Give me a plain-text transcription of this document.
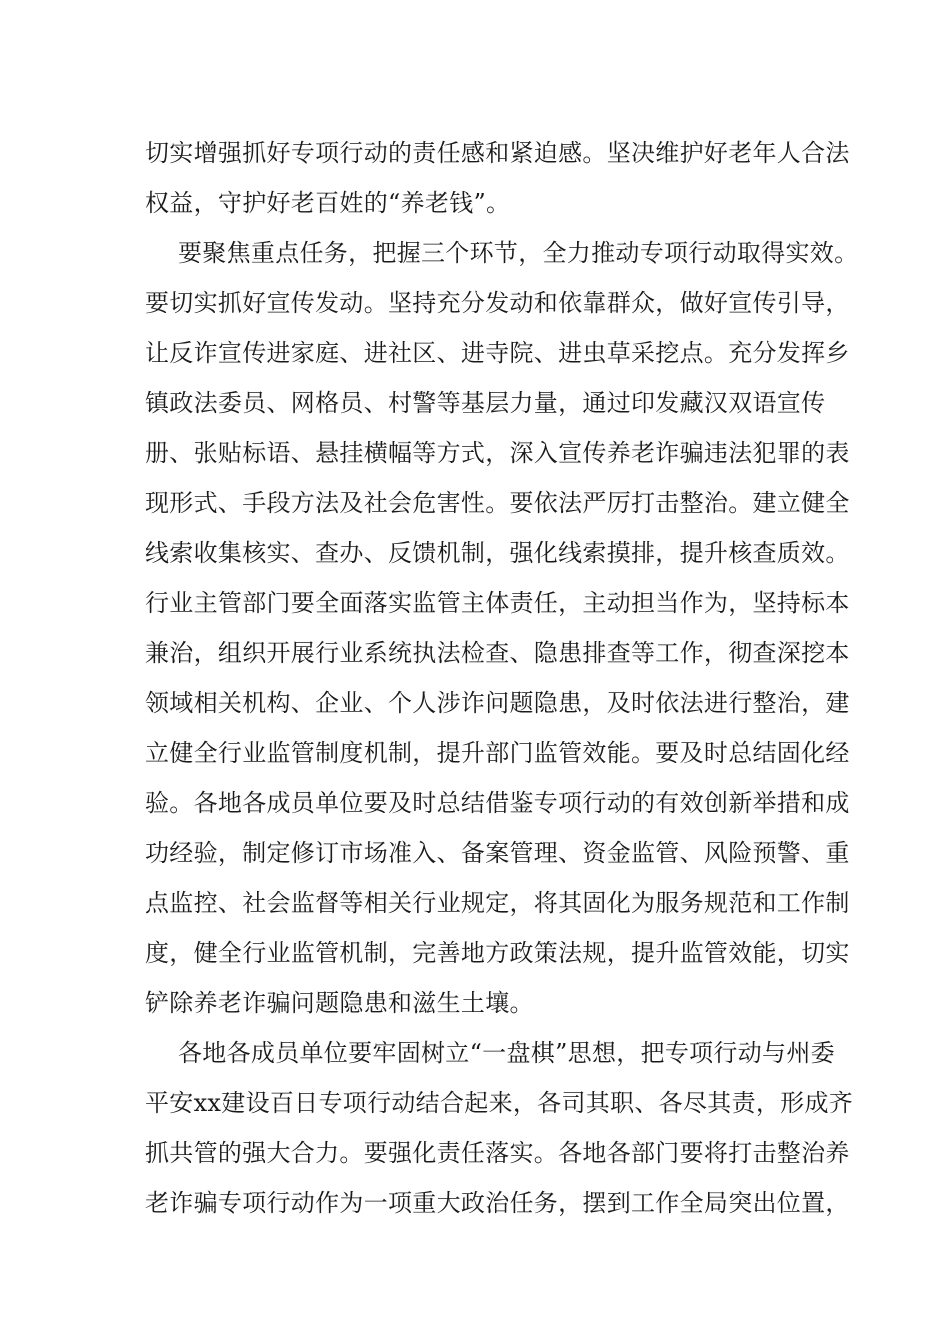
切实增强抓好专项行动的责任感和紧迫感。坚决维护好老年人合法
权益，守护好老百姓的“养老钱”。
要聚焦重点任务，把握三个环节，全力推动专项行动取得实效。
要切实抓好宣传发动。坚持充分发动和依靠群众，做好宣传引导，
让反诈宣传进家庭、进社区、进寺院、进虫草采挖点。充分发挥乡
镇政法委员、网格员、村警等基层力量，通过印发藏汉双语宣传
册、张贴标语、悬挂横幅等方式，深入宣传养老诈骗违法犯罪的表
现形式、手段方法及社会危害性。要依法严厉打击整治。建立健全
线索收集核实、查办、反馈机制，强化线索摸排，提升核查质效。
行业主管部门要全面落实监管主体责任，主动担当作为，坚持标本
兼治，组织开展行业系统执法检查、隐患排查等工作，彻查深挖本
领域相关机构、企业、个人涉诈问题隐患，及时依法进行整治，建
立健全行业监管制度机制，提升部门监管效能。要及时总结固化经
验。各地各成员单位要及时总结借鉴专项行动的有效创新举措和成
功经验，制定修订市场准入、备案管理、资金监管、风险预警、重
点监控、社会监督等相关行业规定，将其固化为服务规范和工作制
度，健全行业监管机制，完善地方政策法规，提升监管效能，切实
铲除养老诈骗问题隐患和滋生土壤。
各地各成员单位要牢固树立“一盘棋”思想，把专项行动与州委
平安xx建设百日专项行动结合起来，各司其职、各尽其责，形成齐
抓共管的强大合力。要强化责任落实。各地各部门要将打击整治养
老诈骗专项行动作为一项重大政治任务，摆到工作全局突出位置，
